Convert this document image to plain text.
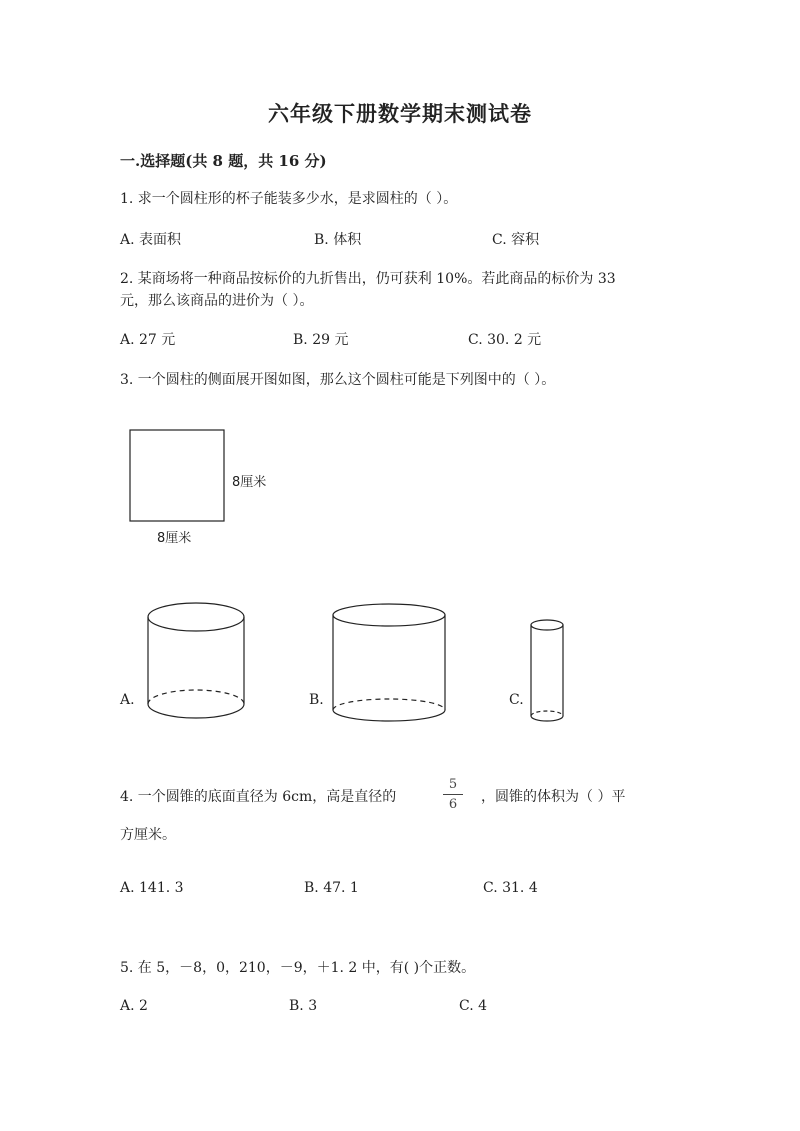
六年级下册数学期末测试卷
一.选择题(共 8 题，共 16 分)
1. 求一个圆柱形的杯子能装多少水，是求圆柱的（ ）。
A. 表面积	B. 体积	C. 容积
2. 某商场将一种商品按标价的九折售出，仍可获利 10%。若此商品的标价为 33
元，那么该商品的进价为（ ）。
A. 27 元	B. 29 元	C. 30. 2 元
3. 一个圆柱的侧面展开图如图，那么这个圆柱可能是下列图中的（ ）。
8厘米
8厘米
A.	B.	C.
4. 一个圆锥的底面直径为 6cm，高是直径的
5
6	，圆锥的体积为（ ）平
方厘米。
A. 141. 3	B. 47. 1	C. 31. 4
5. 在 5，－8，0，210，－9，＋1. 2 中，有( )个正数。
A. 2	B. 3	C. 4
